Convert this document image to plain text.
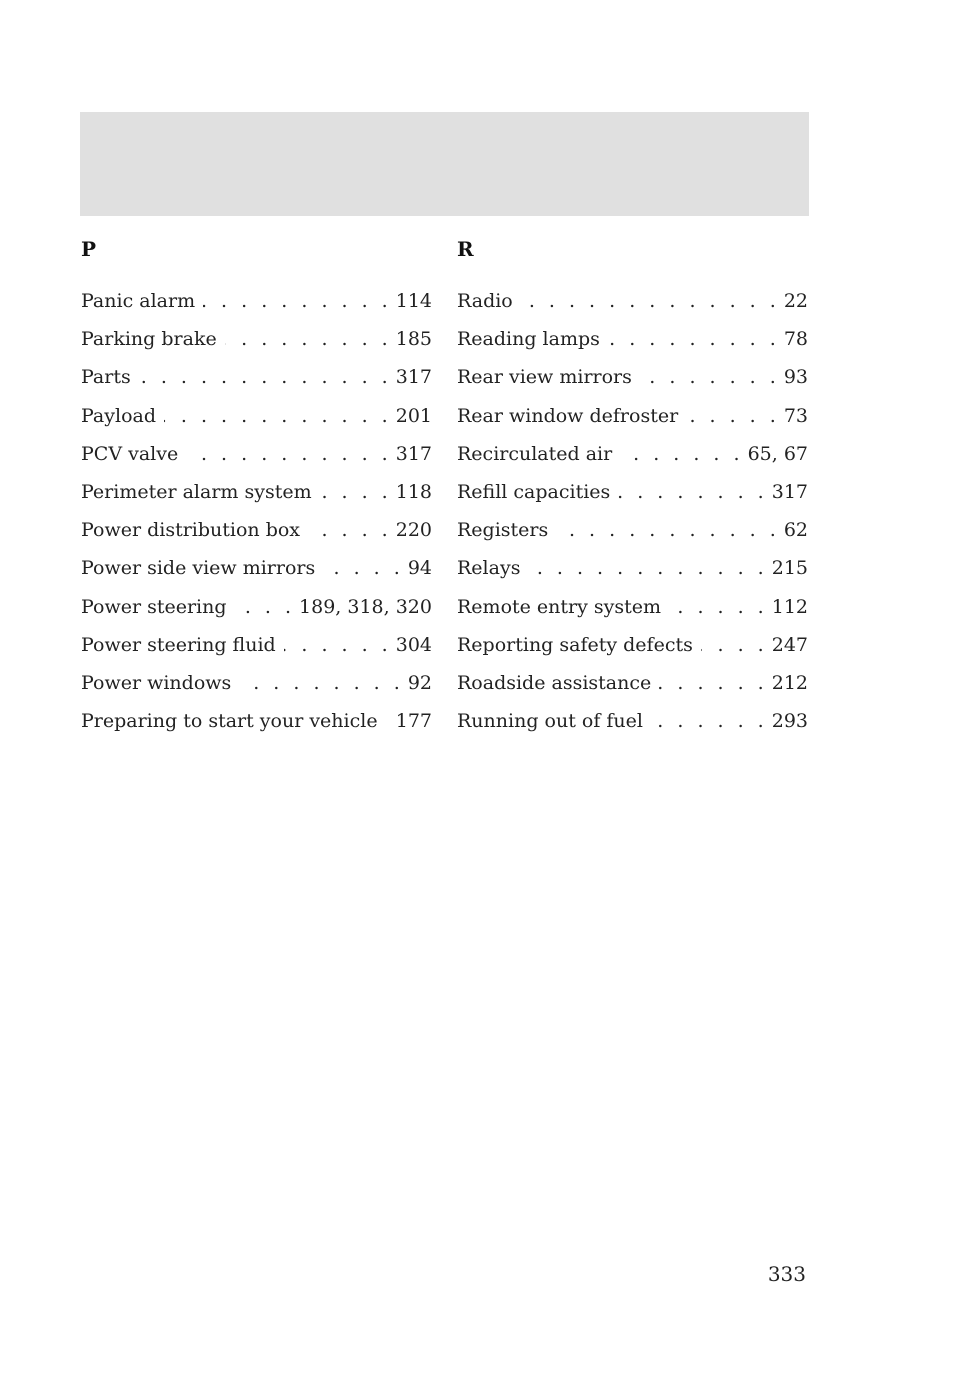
P
Panic alarm . . .	114
Parking brake . . .	185
Parts . . .	317
Payload . . .	201
PCV valve . . .	317
Perimeter alarm system . . .	118
Power distribution box . . .	220
Power side view mirrors . . .	94
Power steering . . .	189, 318, 320
Power steering fluid . . .	304
Power windows . . .	92
Preparing to start your vehicle . . . 177
R
Radio . . .	22
Reading lamps . . .	78
Rear view mirrors . . .	93
Rear window defroster . . .	73
Recirculated air . . .	65, 67
Refill capacities . . .	317
Registers . . .	62
Relays . . .	215
Remote entry system . . .	112
Reporting safety defects . . .	247
Roadside assistance . . .	212
Running out of fuel . . .	293
333
